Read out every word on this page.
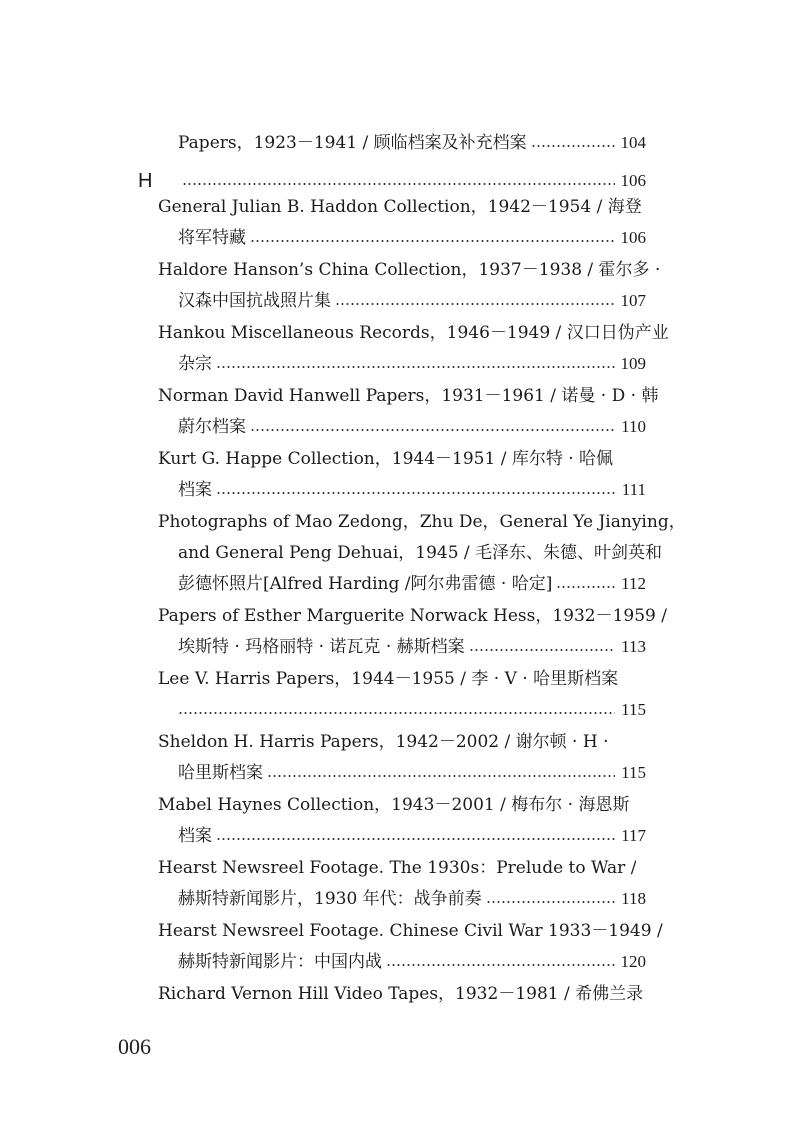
Papers，1923－1941 / 顾临档案及补充档案	104
H	106
General Julian B. Haddon Collection，1942－1954 / 海登
将军特藏	106
Haldore Hanson’s China Collection，1937－1938 / 霍尔多 ·
汉森中国抗战照片集	107
Hankou Miscellaneous Records，1946－1949 / 汉口日伪产业
杂宗	109
Norman David Hanwell Papers，1931－1961 / 诺曼 · D · 韩
蔚尔档案	110
Kurt G. Happe Collection，1944－1951 / 库尔特 · 哈佩
档案	111
Photographs of Mao Zedong，Zhu De，General Ye Jianying，
and General Peng Dehuai，1945 / 毛泽东、朱德、叶剑英和
彭德怀照片[Alfred Harding /阿尔弗雷德 · 哈定]	112
Papers of Esther Marguerite Norwack Hess，1932－1959 /
埃斯特 · 玛格丽特 · 诺瓦克 · 赫斯档案	113
Lee V. Harris Papers，1944－1955 / 李 · V · 哈里斯档案
115
Sheldon H. Harris Papers，1942－2002 / 谢尔顿 · H ·
哈里斯档案	115
Mabel Haynes Collection，1943－2001 / 梅布尔 · 海恩斯
档案	117
Hearst Newsreel Footage. The 1930s：Prelude to War /
赫斯特新闻影片，1930 年代：战争前奏	118
Hearst Newsreel Footage. Chinese Civil War 1933－1949 /
赫斯特新闻影片：中国内战	120
Richard Vernon Hill Video Tapes，1932－1981 / 希佛兰录
006
